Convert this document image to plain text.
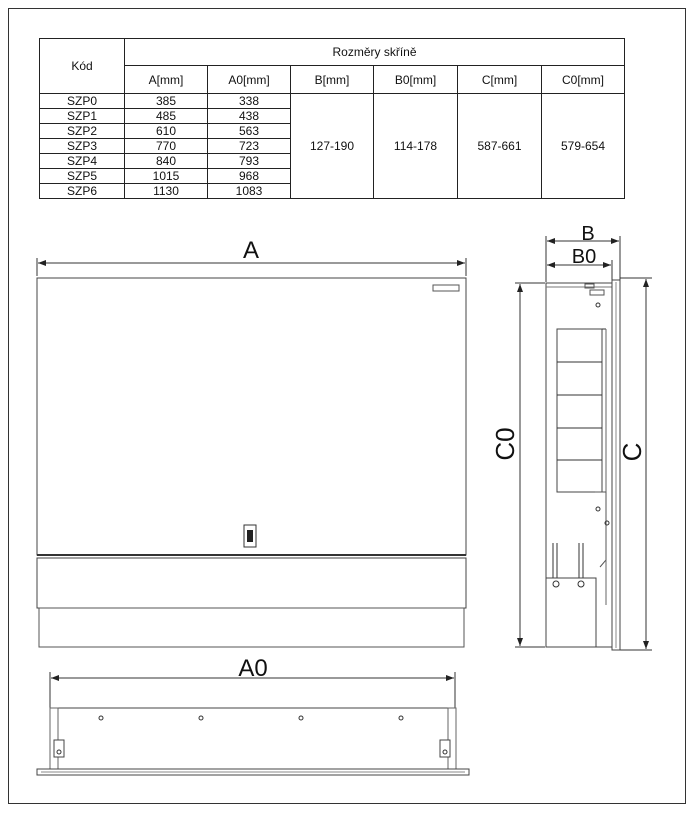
Kód	Rozměry skříně					
	A[mm]	A0[mm]	B[mm]	B0[mm]	C[mm]	C0[mm]
SZP0	385	338	127-190	114-178	587-661	579-654
SZP1	485	438				
SZP2	610	563				
SZP3	770	723				
SZP4	840	793				
SZP5	1015	968				
SZP6	1130	1083				
A
A0
B
B0
C0	C
